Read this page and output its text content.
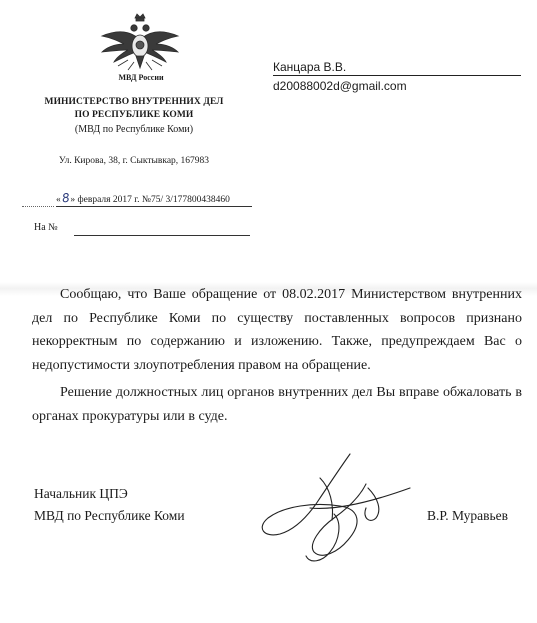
МВД России
МИНИСТЕРСТВО ВНУТРЕННИХ ДЕЛ
ПО РЕСПУБЛИКЕ КОМИ
(МВД по Республике Коми)
Ул. Кирова, 38, г. Сыктывкар, 167983
«8» февраля 2017 г. №75/ 3/177800438460
На №
Канцара В.В.
d20088002d@gmail.com

Сообщаю, что Ваше обращение от 08.02.2017 Министерством внутренних дел по Республике Коми по существу поставленных вопросов признано некорректным по содержанию и изложению. Также, предупреждаем Вас о недопустимости злоупотребления правом на обращение.

Решение должностных лиц органов внутренних дел Вы вправе обжаловать в органах прокуратуры или в суде.

Начальник ЦПЭ
МВД по Республике Коми	В.Р. Муравьев
